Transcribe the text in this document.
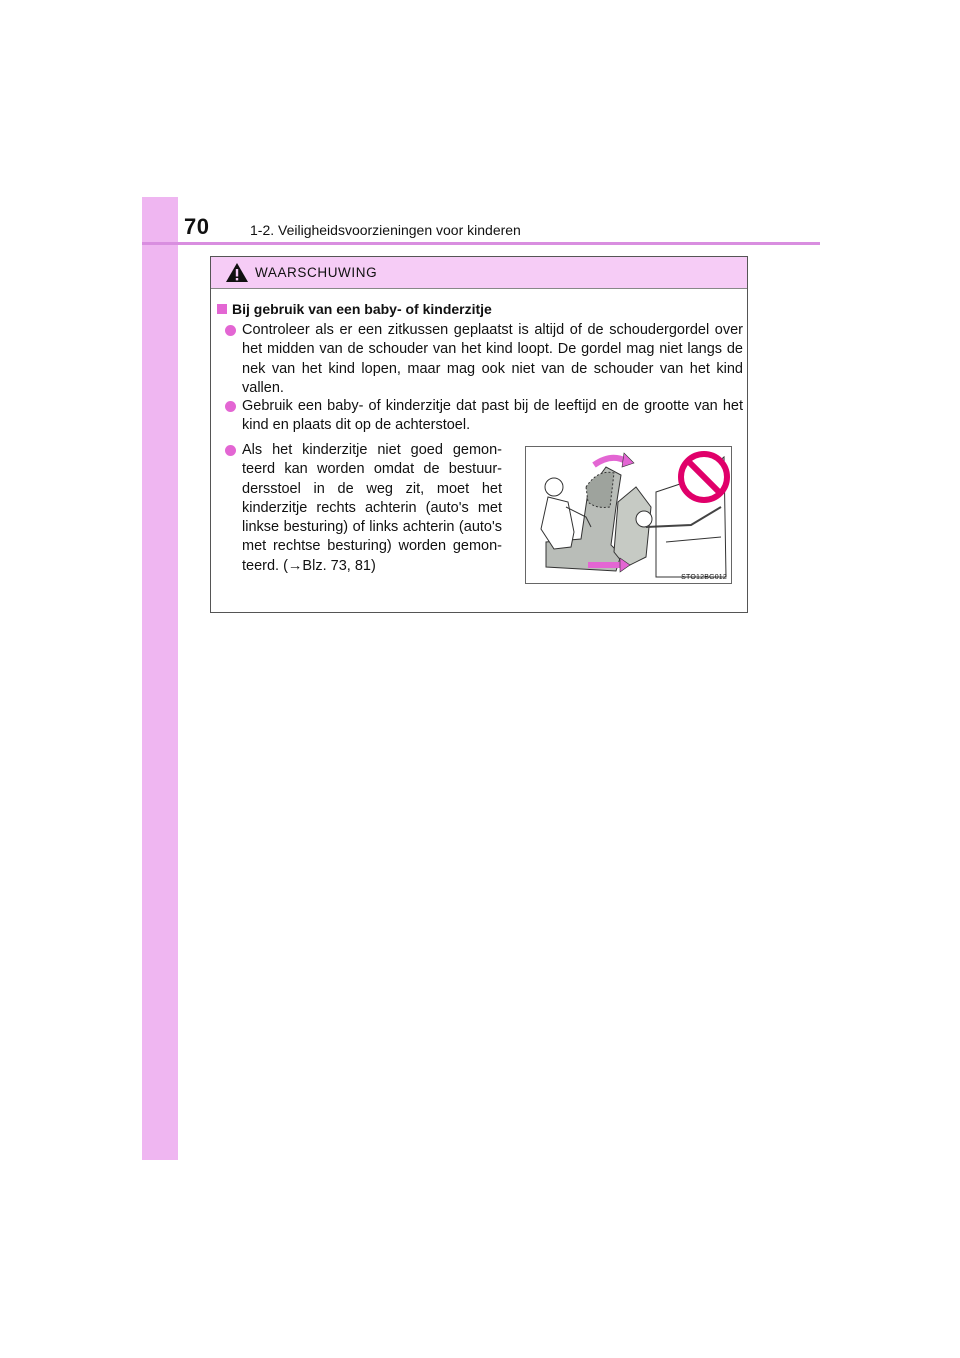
70	1-2. Veiligheidsvoorzieningen voor kinderen
WAARSCHUWING
Bij gebruik van een baby- of kinderzitje
Controleer als er een zitkussen geplaatst is altijd of de schoudergordel over het midden van de schouder van het kind loopt. De gordel mag niet langs de nek van het kind lopen, maar mag ook niet van de schouder van het kind vallen.
Gebruik een baby- of kinderzitje dat past bij de leeftijd en de grootte van het kind en plaats dit op de achterstoel.
Als het kinderzitje niet goed gemon-teerd kan worden omdat de bestuur-dersstoel in de weg zit, moet het kinderzitje rechts achterin (auto's met linkse besturing) of links achterin (auto's met rechtse besturing) worden gemon-teerd. (→Blz. 73, 81)
STO12BG012
